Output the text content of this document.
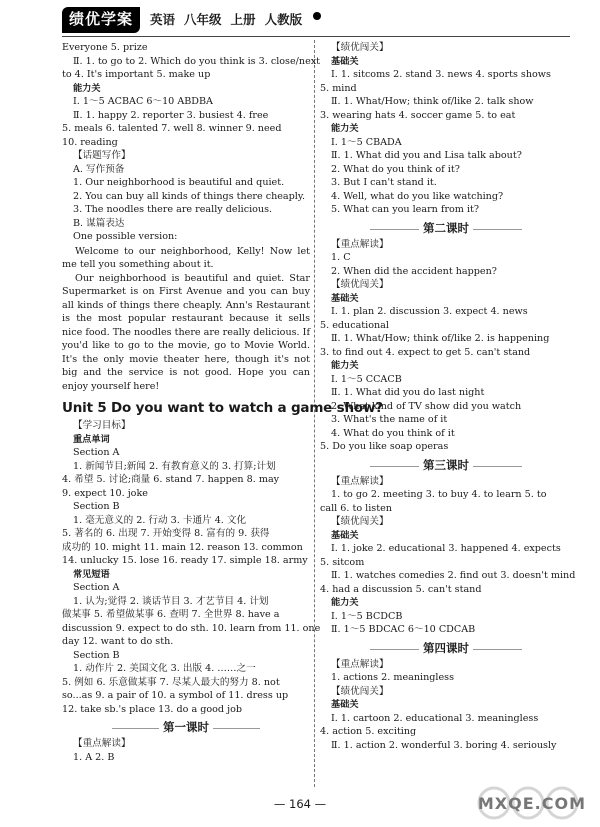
绩优学案	英语 八年级 上册 人教版
Everyone 5. prize
Ⅱ. 1. to go to 2. Which do you think is 3. close/next
to 4. It's important 5. make up
能力关
Ⅰ. 1～5 ACBAC 6～10 ABDBA
Ⅱ. 1. happy 2. reporter 3. busiest 4. free
5. meals 6. talented 7. well 8. winner 9. need
10. reading
【话题写作】
A. 写作预备
1. Our neighborhood is beautiful and quiet.
2. You can buy all kinds of things there cheaply.
3. The noodles there are really delicious.
B. 谋篇表达
One possible version:
Welcome to our neighborhood, Kelly! Now let me tell you something about it.
Our neighborhood is beautiful and quiet. Star Supermarket is on First Avenue and you can buy all kinds of things there cheaply. Ann's Restaurant is the most popular restaurant because it sells nice food. The noodles there are really delicious. If you'd like to go to the movie, go to Movie World. It's the only movie theater here, though it's not big and the service is not good. Hope you can enjoy yourself here!
Unit 5 Do you want to watch a game show?
【学习目标】
重点单词
Section A
1. 新闻节目;新闻 2. 有教育意义的 3. 打算;计划
4. 希望 5. 讨论;商量 6. stand 7. happen 8. may
9. expect 10. joke
Section B
1. 毫无意义的 2. 行动 3. 卡通片 4. 文化
5. 著名的 6. 出现 7. 开始变得 8. 富有的 9. 获得
成功的 10. might 11. main 12. reason 13. common
14. unlucky 15. lose 16. ready 17. simple 18. army
常见短语
Section A
1. 认为;觉得 2. 谈话节目 3. 才艺节目 4. 计划
做某事 5. 希望做某事 6. 查明 7. 全世界 8. have a
discussion 9. expect to do sth. 10. learn from 11. one
day 12. want to do sth.
Section B
1. 动作片 2. 美国文化 3. 出版 4. ……之一
5. 例如 6. 乐意做某事 7. 尽某人最大的努力 8. not
so...as 9. a pair of 10. a symbol of 11. dress up
12. take sb.'s place 13. do a good job
第一课时
【重点解读】
1. A 2. B
【绩优闯关】
基础关
Ⅰ. 1. sitcoms 2. stand 3. news 4. sports shows
5. mind
Ⅱ. 1. What/How; think of/like 2. talk show
3. wearing hats 4. soccer game 5. to eat
能力关
Ⅰ. 1～5 CBADA
Ⅱ. 1. What did you and Lisa talk about?
2. What do you think of it?
3. But I can't stand it.
4. Well, what do you like watching?
5. What can you learn from it?
第二课时
【重点解读】
1. C
2. When did the accident happen?
【绩优闯关】
基础关
Ⅰ. 1. plan 2. discussion 3. expect 4. news
5. educational
Ⅱ. 1. What/How; think of/like 2. is happening
3. to find out 4. expect to get 5. can't stand
能力关
Ⅰ. 1～5 CCACB
Ⅱ. 1. What did you do last night
2. What kind of TV show did you watch
3. What's the name of it
4. What do you think of it
5. Do you like soap operas
第三课时
【重点解读】
1. to go 2. meeting 3. to buy 4. to learn 5. to
call 6. to listen
【绩优闯关】
基础关
Ⅰ. 1. joke 2. educational 3. happened 4. expects
5. sitcom
Ⅱ. 1. watches comedies 2. find out 3. doesn't mind
4. had a discussion 5. can't stand
能力关
Ⅰ. 1～5 BCDCB
Ⅱ. 1～5 BDCAC 6～10 CDCAB
第四课时
【重点解读】
1. actions 2. meaningless
【绩优闯关】
基础关
Ⅰ. 1. cartoon 2. educational 3. meaningless
4. action 5. exciting
Ⅱ. 1. action 2. wonderful 3. boring 4. seriously
— 164 —	MXQE.COM
